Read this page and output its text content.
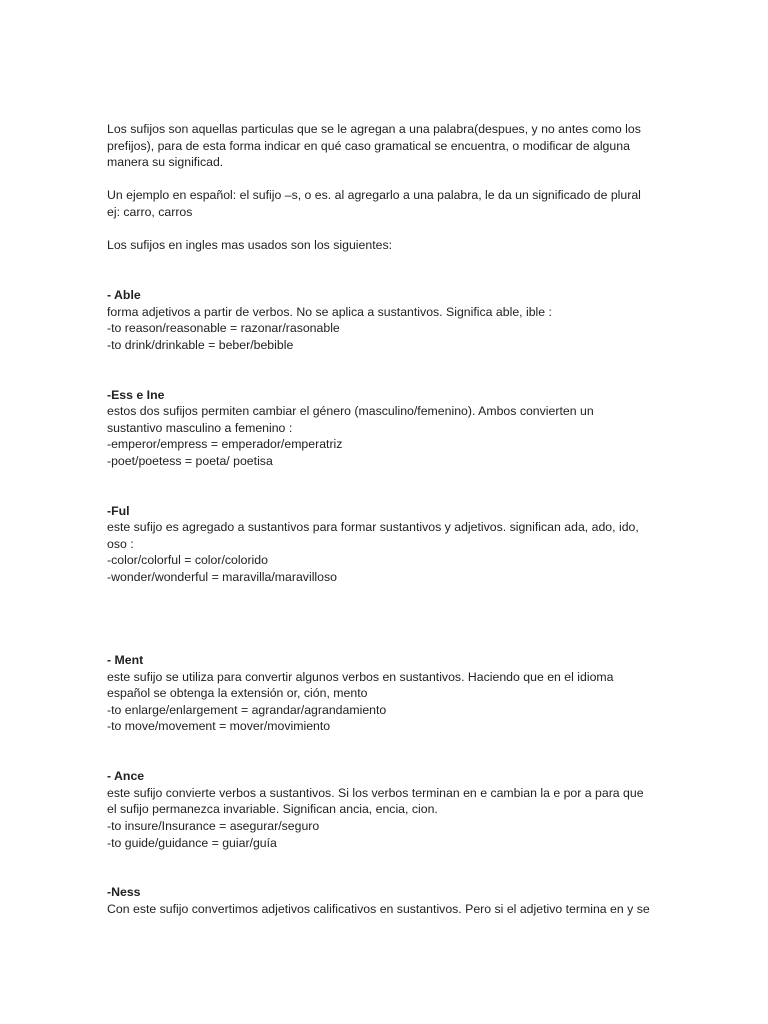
Los sufijos son aquellas particulas que se le agregan a una palabra(despues, y no antes como los
prefijos), para de esta forma indicar en qué caso gramatical se encuentra, o modificar de alguna
manera su significad.
Un ejemplo en español: el sufijo –s, o es. al agregarlo a una palabra, le da un significado de plural
ej: carro, carros
Los sufijos en ingles mas usados son los siguientes:
- Able
forma adjetivos a partir de verbos. No se aplica a sustantivos. Significa able, ible :
-to reason/reasonable = razonar/rasonable
-to drink/drinkable = beber/bebible
-Ess e Ine
estos dos sufijos permiten cambiar el género (masculino/femenino). Ambos convierten un
sustantivo masculino a femenino :
-emperor/empress = emperador/emperatriz
-poet/poetess = poeta/ poetisa
-Ful
este sufijo es agregado a sustantivos para formar sustantivos y adjetivos. significan ada, ado, ido,
oso :
-color/colorful = color/colorido
-wonder/wonderful = maravilla/maravilloso
- Ment
este sufijo se utiliza para convertir algunos verbos en sustantivos. Haciendo que en el idioma
español se obtenga la extensión or, ción, mento
-to enlarge/enlargement = agrandar/agrandamiento
-to move/movement = mover/movimiento
- Ance
este sufijo convierte verbos a sustantivos. Si los verbos terminan en e cambian la e por a para que
el sufijo permanezca invariable. Significan ancia, encia, cion.
-to insure/Insurance = asegurar/seguro
-to guide/guidance = guiar/guía
-Ness
Con este sufijo convertimos adjetivos calificativos en sustantivos. Pero si el adjetivo termina en y se
